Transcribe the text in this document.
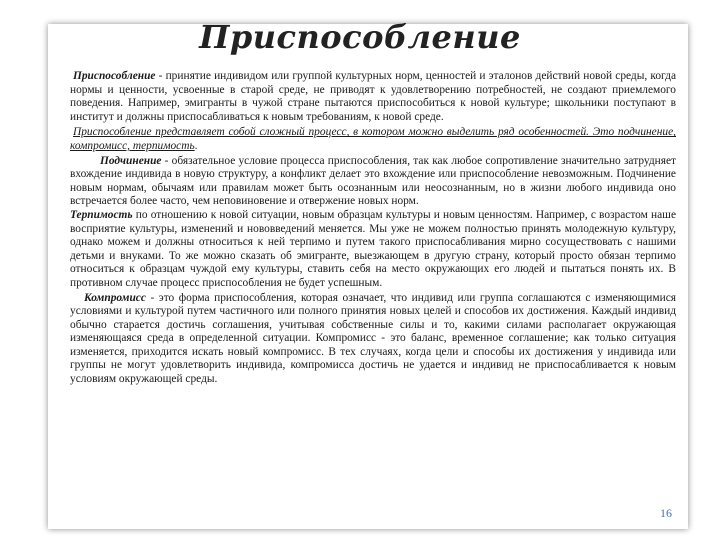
Приспособление

Приспособление - принятие индивидом или группой культурных норм, ценностей и эталонов действий новой среды, когда нормы и ценности, усвоенные в старой среде, не приводят к удовлетворению потребностей, не создают приемлемого поведения. Например, эмигранты в чужой стране пытаются приспособиться к новой культуре; школьники поступают в институт и должны приспосабливаться к новым требованиям, к новой среде.

Приспособление представляет собой сложный процесс, в котором можно выделить ряд особенностей. Это подчинение, компромисс, терпимость.

Подчинение - обязательное условие процесса приспособления, так как любое сопротивление значительно затрудняет вхождение индивида в новую структуру, а конфликт делает это вхождение или приспособление невозможным. Подчинение новым нормам, обычаям или правилам может быть осознанным или неосознанным, но в жизни любого индивида оно встречается более часто, чем неповиновение и отвержение новых норм.

Терпимость по отношению к новой ситуации, новым образцам культуры и новым ценностям. Например, с возрастом наше восприятие культуры, изменений и нововведений меняется. Мы уже не можем полностью принять молодежную культуру, однако можем и должны относиться к ней терпимо и путем такого приспосабливания мирно сосуществовать с нашими детьми и внуками. То же можно сказать об эмигранте, выезжающем в другую страну, который просто обязан терпимо относиться к образцам чуждой ему культуры, ставить себя на место окружающих его людей и пытаться понять их. В противном случае процесс приспособления не будет успешным.

Компромисс - это форма приспособления, которая означает, что индивид или группа соглашаются с изменяющимися условиями и культурой путем частичного или полного принятия новых целей и способов их достижения. Каждый индивид обычно старается достичь соглашения, учитывая собственные силы и то, какими силами располагает окружающая изменяющаяся среда в определенной ситуации. Компромисс - это баланс, временное соглашение; как только ситуация изменяется, приходится искать новый компромисс. В тех случаях, когда цели и способы их достижения у индивида или группы не могут удовлетворить индивида, компромисса достичь не удается и индивид не приспосабливается к новым условиям окружающей среды.

16
